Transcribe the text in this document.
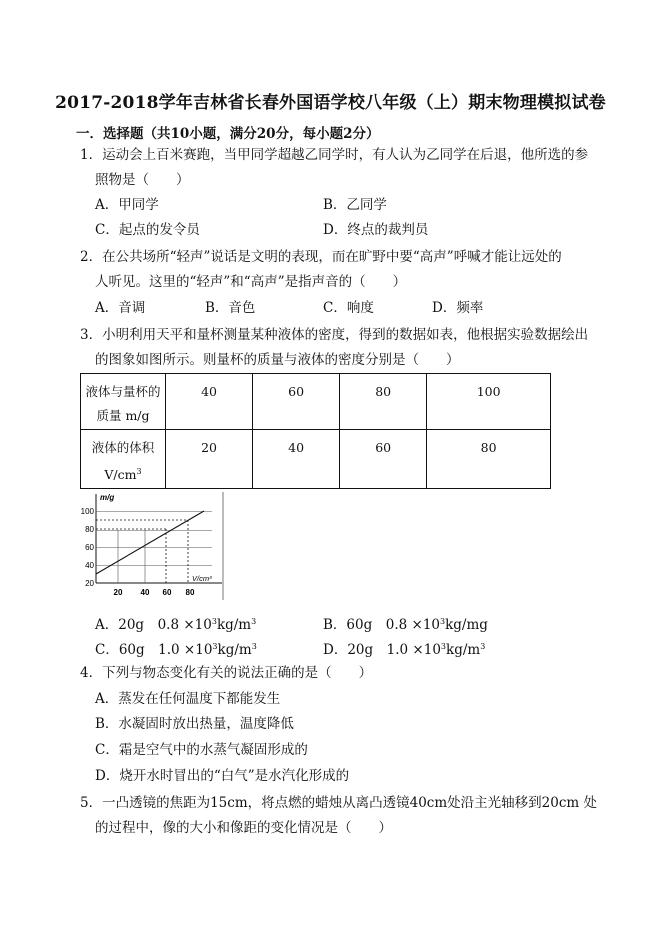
2017-2018学年吉林省长春外国语学校八年级（上）期末物理模拟试卷
一．选择题（共10小题，满分20分，每小题2分）
1．运动会上百米赛跑，当甲同学超越乙同学时，有人认为乙同学在后退，他所选的参
照物是（　　）
A．甲同学	B．乙同学
C．起点的发令员	D．终点的裁判员
2．在公共场所“轻声”说话是文明的表现，而在旷野中要“高声”呼喊才能让远处的
人听见。这里的“轻声”和“高声”是指声音的（　　）
A．音调	B．音色	C．响度	D．频率
3．小明利用天平和量杯测量某种液体的密度，得到的数据如表，他根据实验数据绘出
的图象如图所示。则量杯的质量与液体的密度分别是（　　）
液体与量杯的
质量 m/g	40	60	80	100

液体的体积
$V/cm^3$	20	40	60	80
m/g
V/cm³
100
80
60
40
20
20 40 60 80
A．20g  $0.8 \times 10^3kg/m^3$	B．60g  $0.8 \times 10^3kg/mg$
C．60g  $1.0 \times 10^3kg/m^3$	D．20g  $1.0 \times 10^3kg/m^3$
4．下列与物态变化有关的说法正确的是（　　）
A．蒸发在任何温度下都能发生
B．水凝固时放出热量，温度降低
C．霜是空气中的水蒸气凝固形成的
D．烧开水时冒出的“白气”是水汽化形成的
5．一凸透镜的焦距为15cm，将点燃的蜡烛从离凸透镜40cm处沿主光轴移到20cm 处
的过程中，像的大小和像距的变化情况是（　　）
